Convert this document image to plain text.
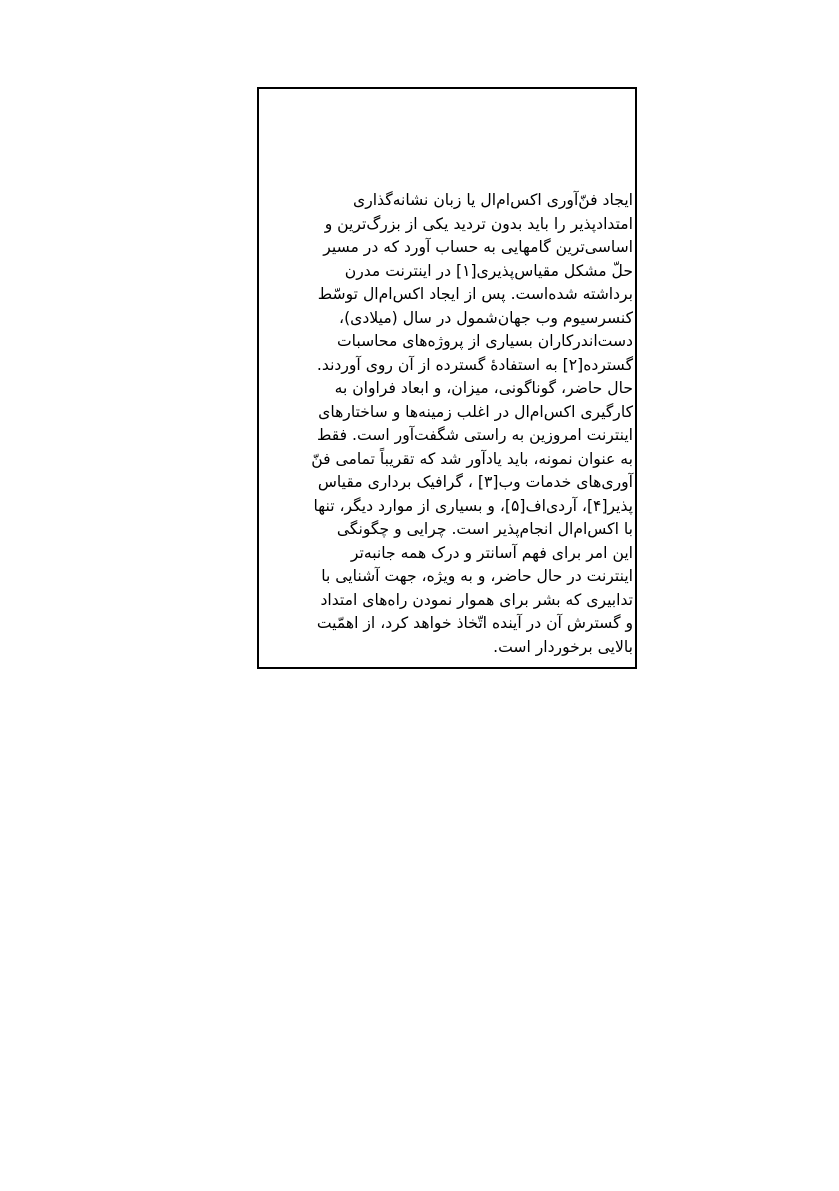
ایجاد فنّ‌آوری اکس‌ام‌ال یا زبان نشانه‌گذاری
امتدادپذیر را باید بدون تردید یکی از بزرگ‌ترین و
اساسی‌ترین گامهایی به حساب آورد که در مسیر
حلّ مشکل مقیاس‌پذیری[۱] در اینترنت مدرن
برداشته شده‌است. پس از ایجاد اکس‌ام‌ال توسّط
کنسرسیوم وب جهان‌شمول در سال (میلادی)،
دست‌اندرکاران بسیاری از پروژه‌های محاسبات
گسترده[۲] به استفادهٔ گسترده از آن روی آوردند.
حال حاضر، گوناگونی، میزان، و ابعاد فراوان به
کارگیری اکس‌ام‌ال در اغلب زمینه‌ها و ساختارهای
اینترنت امروزین به راستی شگفت‌آور است. فقط
به عنوان نمونه، باید یادآور شد که تقریباً تمامی فنّ
آوری‌های خدمات وب[۳] ، گرافیک برداری مقیاس
پذیر[۴]، آردی‌اف[۵]، و بسیاری از موارد دیگر، تنها
با اکس‌ام‌ال انجام‌پذیر است. چرایی و چگونگی
این امر برای فهم آسانتر و درک همه جانبه‌تر
اینترنت در حال حاضر، و به ویژه، جهت آشنایی با
تدابیری که بشر برای هموار نمودن راه‌های امتداد
و گسترش آن در آینده اتّخاذ خواهد کرد، از اهمّیت
بالایی برخوردار است.
